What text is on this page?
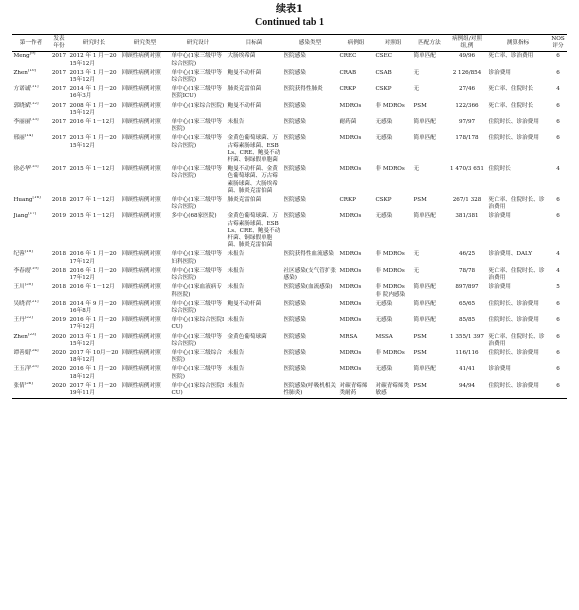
续表1
Continued tab 1
第一作者	发表年份	研究时长	研究类型	研究设计	目标菌	感染类型	病例组	对照组	匹配方法	病例组/对照组,例	测算指标	NOS评分
Meng[9]	2017	2012 年 1 月－2015年12月	回顾性病例对照	单中心(1家三级甲等综合医院)	大肠埃希菌	医院感染	CREC	CSEC	简单匹配	49/96	死亡率、诊治费用	6
Zhen[10]	2017	2013 年 1 月－2015年12月	回顾性病例对照	单中心(1家三级甲等综合医院)	鲍曼不动杆菌	医院感染	CRAB	CSAB	无	2 126/854	诊治费用	6
方诺诚[11]	2017	2014 年 1 月－2016年3月	回顾性病例对照	单中心(1家三级甲等医院ICU)	肺炎克雷伯菌	医院获得性肺炎	CRKP	CSKP	无	27/46	死亡率、住院时长	4
郭晓斌[12]	2017	2008 年 1 月－2015年12月	回顾性病例对照	单中心(1家综合医院)	鲍曼不动杆菌	医院感染	MDROs	非 MDROs	PSM	122/366	死亡率、住院时长	6
李丽丽[13]	2017	2016 年 1－12月	回顾性病例对照	单中心(1家三级甲等医院)	未报告	医院感染	耐药菌	无感染	简单匹配	97/97	住院时长、诊治费用	6
邢丽[14]	2017	2013 年 1 月－2015年12月	回顾性病例对照	单中心(1家三级甲等综合医院)	金黄色葡萄球菌、万古霉素肠球菌、ESBLs、CRE、鲍曼不动杆菌、铜绿假单胞菌	医院感染	MDROs	无感染	简单匹配	178/178	住院时长、诊治费用	6
徐必华[15]	2017	2015 年 1－12月	回顾性病例对照	单中心(1家三级甲等综合医院)	鲍曼不动杆菌、金黄色葡萄球菌、万古霉素肠球菌、大肠埃希菌、肺炎克雷伯菌	医院感染	MDROs	非 MDROs	无	1 470/3 651	住院时长	4
Huang[16]	2018	2017 年 1－12月	回顾性病例对照	单中心(1家三级甲等综合医院)	肺炎克雷伯菌	医院感染	CRKP	CSKP	PSM	267/1 328	死亡率、住院时长、诊治费用	6
Jiang[17]	2019	2015 年 1－12月	回顾性病例对照	多中心(68家医院)	金黄色葡萄球菌、万古霉素肠球菌、ESBLs、CRE、鲍曼不动杆菌、铜绿假单胞菌、肺炎克雷伯菌	医院感染	MDROs	无感染	简单匹配	381/381	诊治费用	6
纪蓉[18]	2018	2016 年 1 月－2017年12月	回顾性病例对照	单中心(1家三级甲等妇科医院)	未报告	医院获得性血流感染	MDROs	非 MDROs	无	46/25	诊治费用、DALY	4
李春霞[19]	2018	2016 年 1 月－2017年12月	回顾性病例对照	单中心(1家三级甲等综合医院)	未报告	社区感染(支气管扩张感染)	MDROs	非 MDROs	无	78/78	死亡率、住院时长、诊治费用	4
王川[20]	2018	2016 年 1－12月	回顾性病例对照	单中心(1家血液病专科医院)	未报告	医院感染(血流感染)	MDROs	非 MDROs 非 院内感染	简单匹配	897/897	诊治费用	5
吴晓君[21]	2018	2014 年 9 月－2016年8月	回顾性病例对照	单中心(1家三级甲等综合医院)	鲍曼不动杆菌	医院感染	MDROs	无感染	简单匹配	65/65	住院时长、诊治费用	6
王丹[22]	2019	2016 年 1 月－2017年12月	回顾性病例对照	单中心(1家综合医院ICU)	未报告	医院感染	MDROs	无感染	简单匹配	85/85	住院时长、诊治费用	6
Zhen[23]	2020	2013 年 1 月－2015年12月	回顾性病例对照	单中心(1家三级甲等综合医院)	金黄色葡萄球菌	医院感染	MRSA	MSSA	PSM	1 355/1 397	死亡率、住院时长、诊治费用	6
谭善娟[24]	2020	2017 年 10月－2018年12月	回顾性病例对照	单中心(1家三级综合医院)	未报告	医院感染	MDROs	非 MDROs	PSM	116/116	住院时长、诊治费用	6
王玉洋[25]	2020	2016 年 1 月－2018年12月	回顾性病例对照	单中心(1家三级甲等医院)	未报告	医院感染	MDROs	无感染	简单匹配	41/41	诊治费用	6
张倩[26]	2020	2017 年 1 月－2019年11月	回顾性病例对照	单中心(1家综合医院ICU)	未报告	医院感染(呼吸机相关性肺炎)	对碳青霉烯类耐药	对碳青霉烯类敏感	PSM	94/94	住院时长、诊治费用	6
